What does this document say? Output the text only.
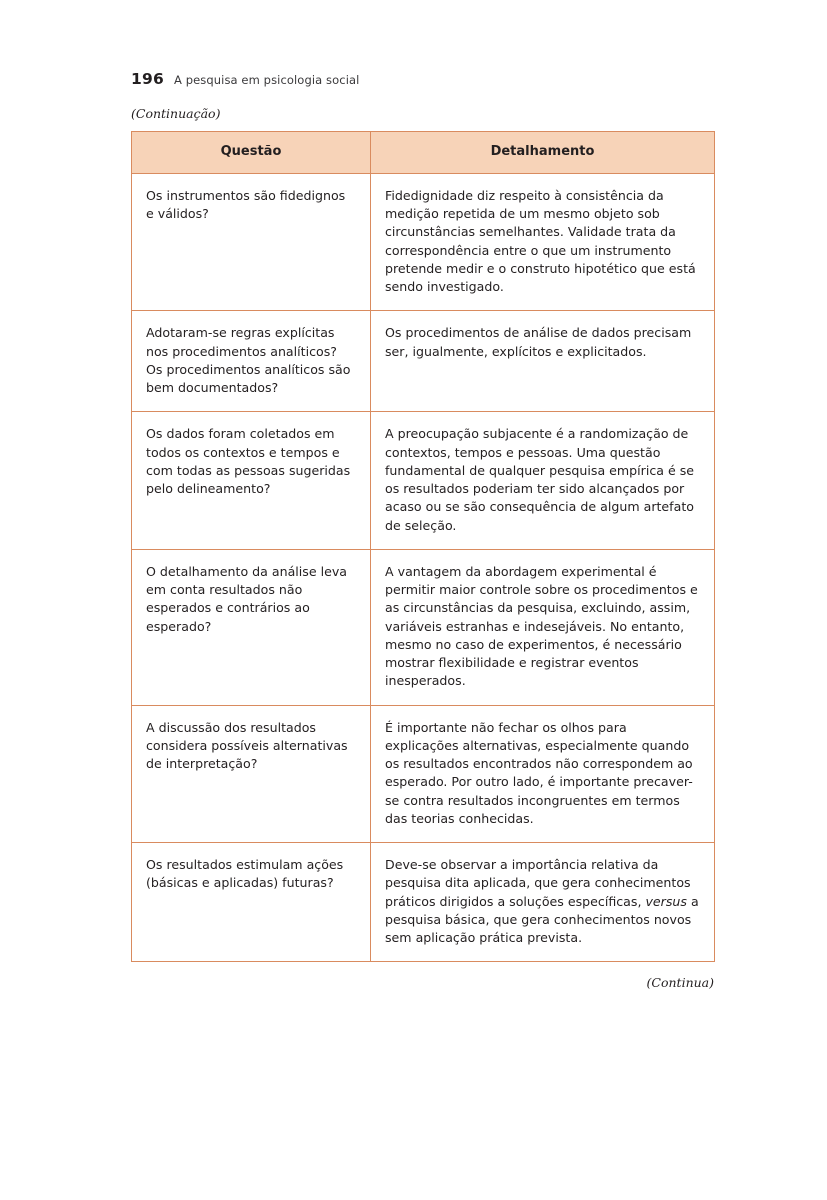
196 A pesquisa em psicologia social
(Continuação)
Questão	Detalhamento
Os instrumentos são fidedignos e válidos?	Fidedignidade diz respeito à consistência da medição repetida de um mesmo objeto sob circunstâncias semelhantes. Validade trata da correspondência entre o que um instrumento pretende medir e o construto hipotético que está sendo investigado.
Adotaram-se regras explícitas nos procedimentos analíticos? Os procedimentos analíticos são bem documentados?	Os procedimentos de análise de dados precisam ser, igualmente, explícitos e explicitados.
Os dados foram coletados em todos os contextos e tempos e com todas as pessoas sugeridas pelo delineamento?	A preocupação subjacente é a randomização de contextos, tempos e pessoas. Uma questão fundamental de qualquer pesquisa empírica é se os resultados poderiam ter sido alcançados por acaso ou se são consequência de algum artefato de seleção.
O detalhamento da análise leva em conta resultados não esperados e contrários ao esperado?	A vantagem da abordagem experimental é permitir maior controle sobre os procedimentos e as circunstâncias da pesquisa, excluindo, assim, variáveis estranhas e indesejáveis. No entanto, mesmo no caso de experimentos, é necessário mostrar flexibilidade e registrar eventos inesperados.
A discussão dos resultados considera possíveis alternativas de interpretação?	É importante não fechar os olhos para explicações alternativas, especialmente quando os resultados encontrados não correspondem ao esperado. Por outro lado, é importante precaver-se contra resultados incongruentes em termos das teorias conhecidas.
Os resultados estimulam ações (básicas e aplicadas) futuras?	Deve-se observar a importância relativa da pesquisa dita aplicada, que gera conhecimentos práticos dirigidos a soluções específicas, versus a pesquisa básica, que gera conhecimentos novos sem aplicação prática prevista.
(Continua)
